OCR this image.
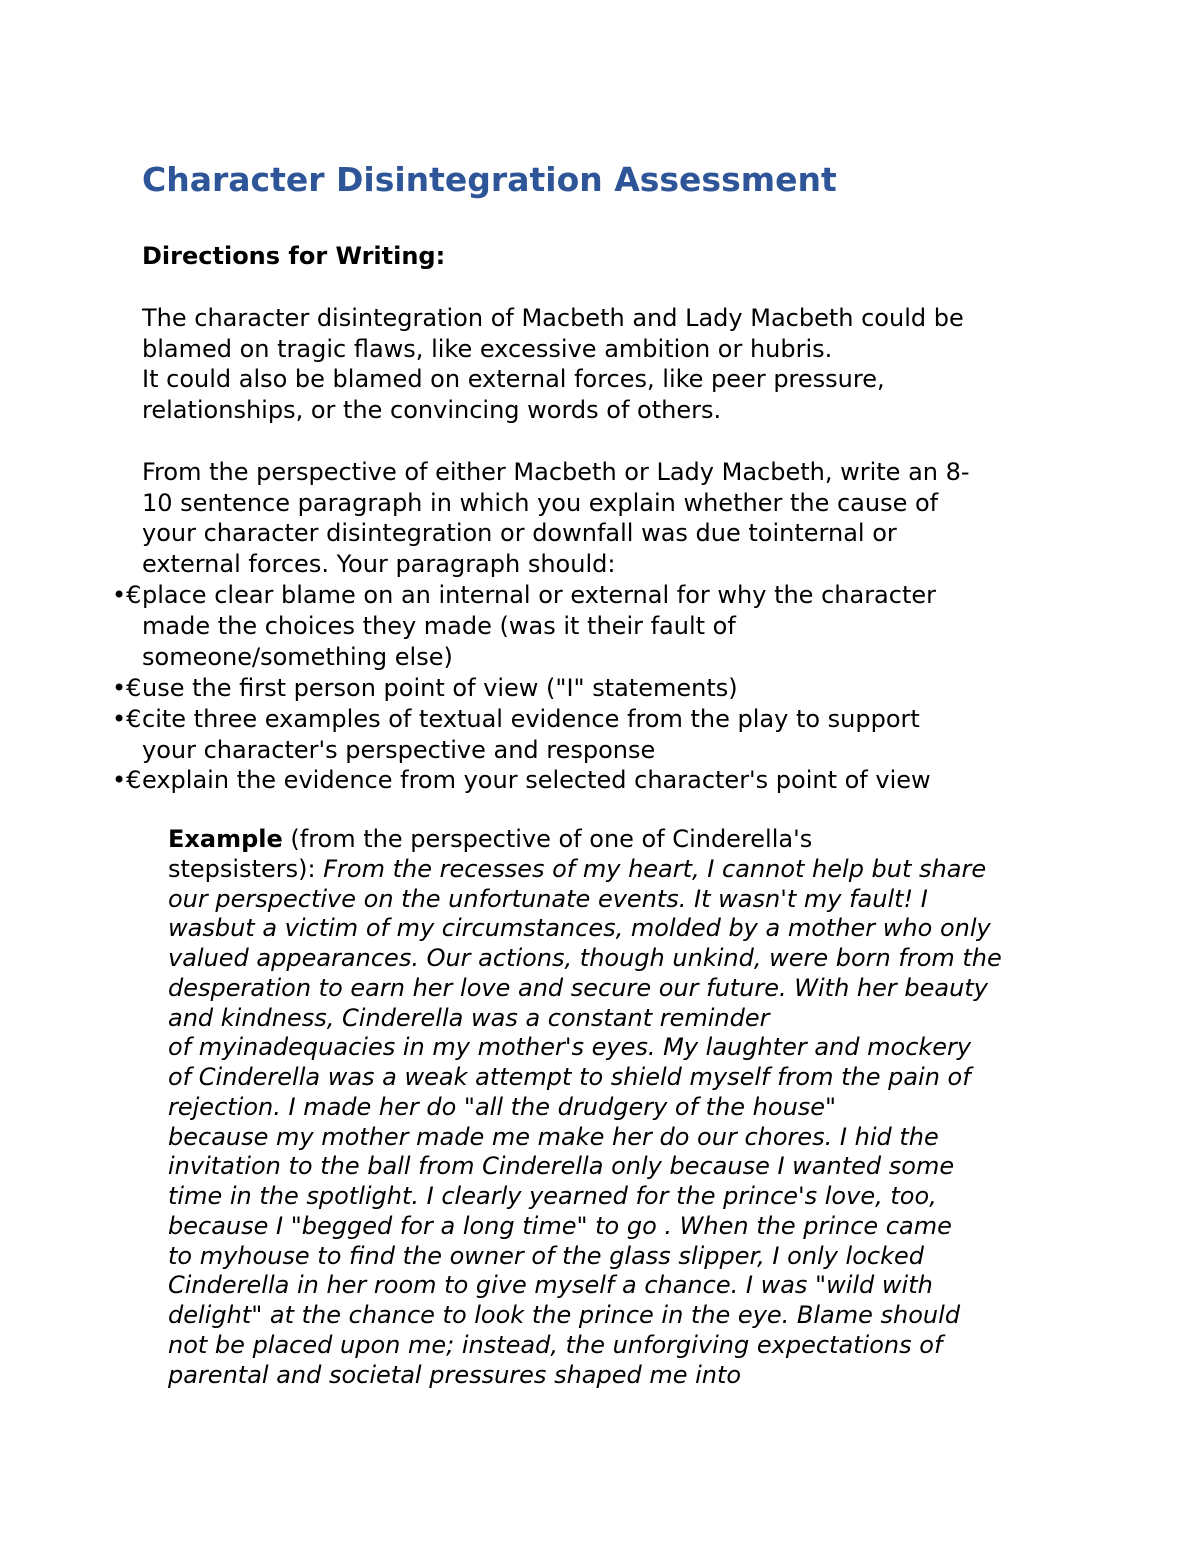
Character Disintegration Assessment
Directions for Writing:

The character disintegration of Macbeth and Lady Macbeth could be
blamed on tragic flaws, like excessive ambition or hubris.
It could also be blamed on external forces, like peer pressure,
relationships, or the convincing words of others.

From the perspective of either Macbeth or Lady Macbeth, write an 8-
10 sentence paragraph in which you explain whether the cause of
your character disintegration or downfall was due tointernal or
external forces. Your paragraph should:

•€ place clear blame on an internal or external for why the character
made the choices they made (was it their fault of
someone/something else)
•€ use the first person point of view ("I" statements)
•€ cite three examples of textual evidence from the play to support
your character's perspective and response
•€ explain the evidence from your selected character's point of view

Example (from the perspective of one of Cinderella's
stepsisters): From the recesses of my heart, I cannot help but share
our perspective on the unfortunate events. It wasn't my fault! I
wasbut a victim of my circumstances, molded by a mother who only
valued appearances. Our actions, though unkind, were born from the
desperation to earn her love and secure our future. With her beauty
and kindness, Cinderella was a constant reminder
of myinadequacies in my mother's eyes. My laughter and mockery
of Cinderella was a weak attempt to shield myself from the pain of
rejection. I made her do "all the drudgery of the house"
because my mother made me make her do our chores. I hid the
invitation to the ball from Cinderella only because I wanted some
time in the spotlight. I clearly yearned for the prince's love, too,
because I "begged for a long time" to go . When the prince came
to myhouse to find the owner of the glass slipper, I only locked
Cinderella in her room to give myself a chance. I was "wild with
delight" at the chance to look the prince in the eye. Blame should
not be placed upon me; instead, the unforgiving expectations of
parental and societal pressures shaped me into
